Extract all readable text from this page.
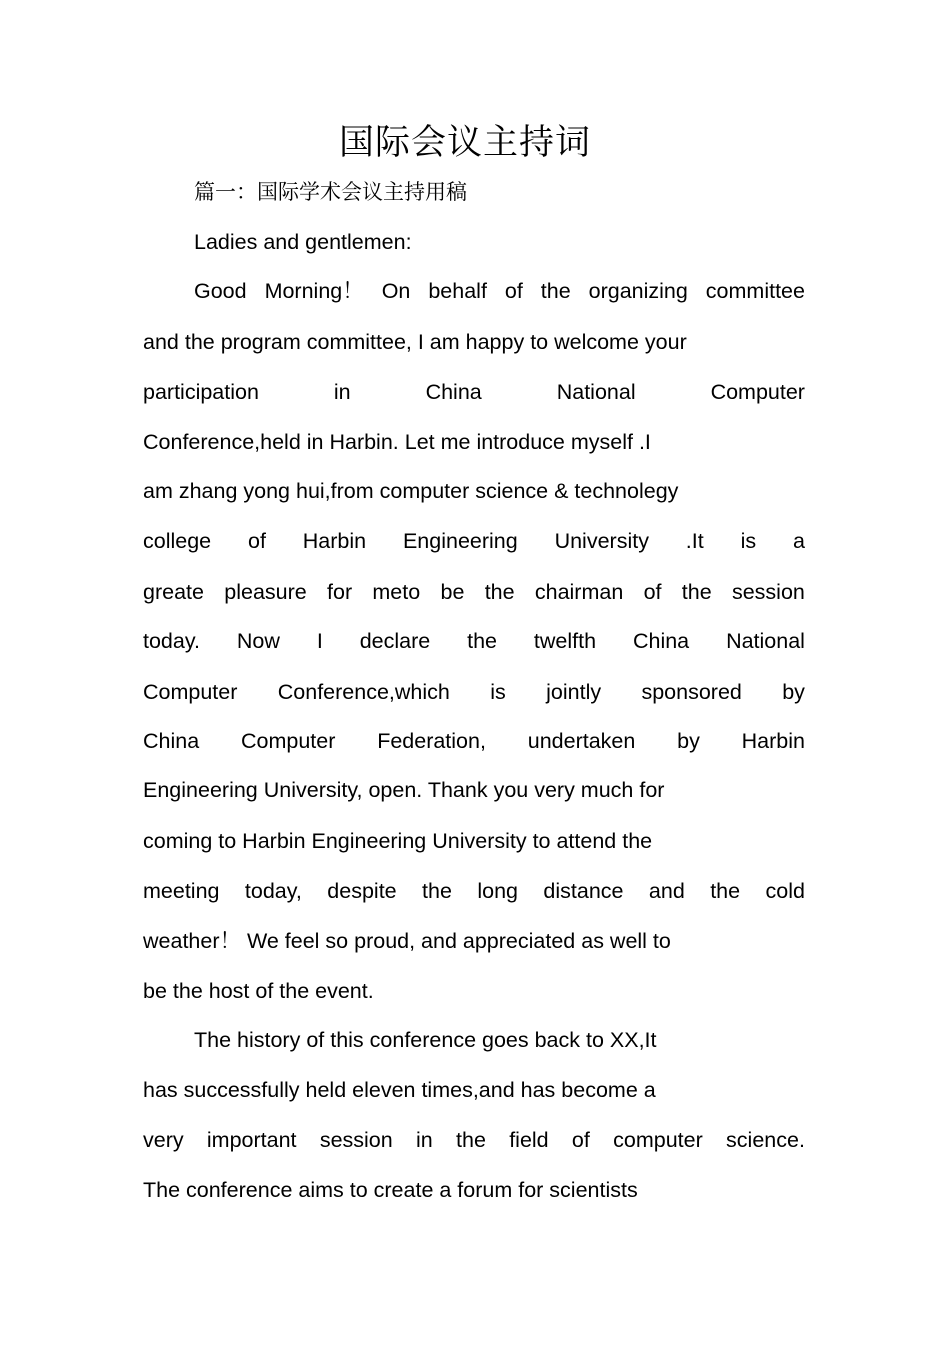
国际会议主持词
篇一：国际学术会议主持用稿
Ladies and gentlemen:
Good Morning！ On behalf of the organizing committee
and the program committee, I am happy to welcome your
participation	in	China	National	Computer
Conference,held in Harbin. Let me introduce myself .I
am zhang yong hui,from computer science & technolegy
college of Harbin Engineering University .It is a
greate pleasure for meto be the chairman of the session
today. Now I declare the twelfth China National
Computer Conference,which is jointly sponsored by
China Computer Federation, undertaken by Harbin
Engineering University, open. Thank you very much for
coming to Harbin Engineering University to attend the
meeting today, despite the long distance and the cold
weather！ We feel so proud, and appreciated as well to
be the host of the event.
The history of this conference goes back to XX,It
has successfully held eleven times,and has become a
very important session in the field of computer science.
The conference aims to create a forum for scientists
